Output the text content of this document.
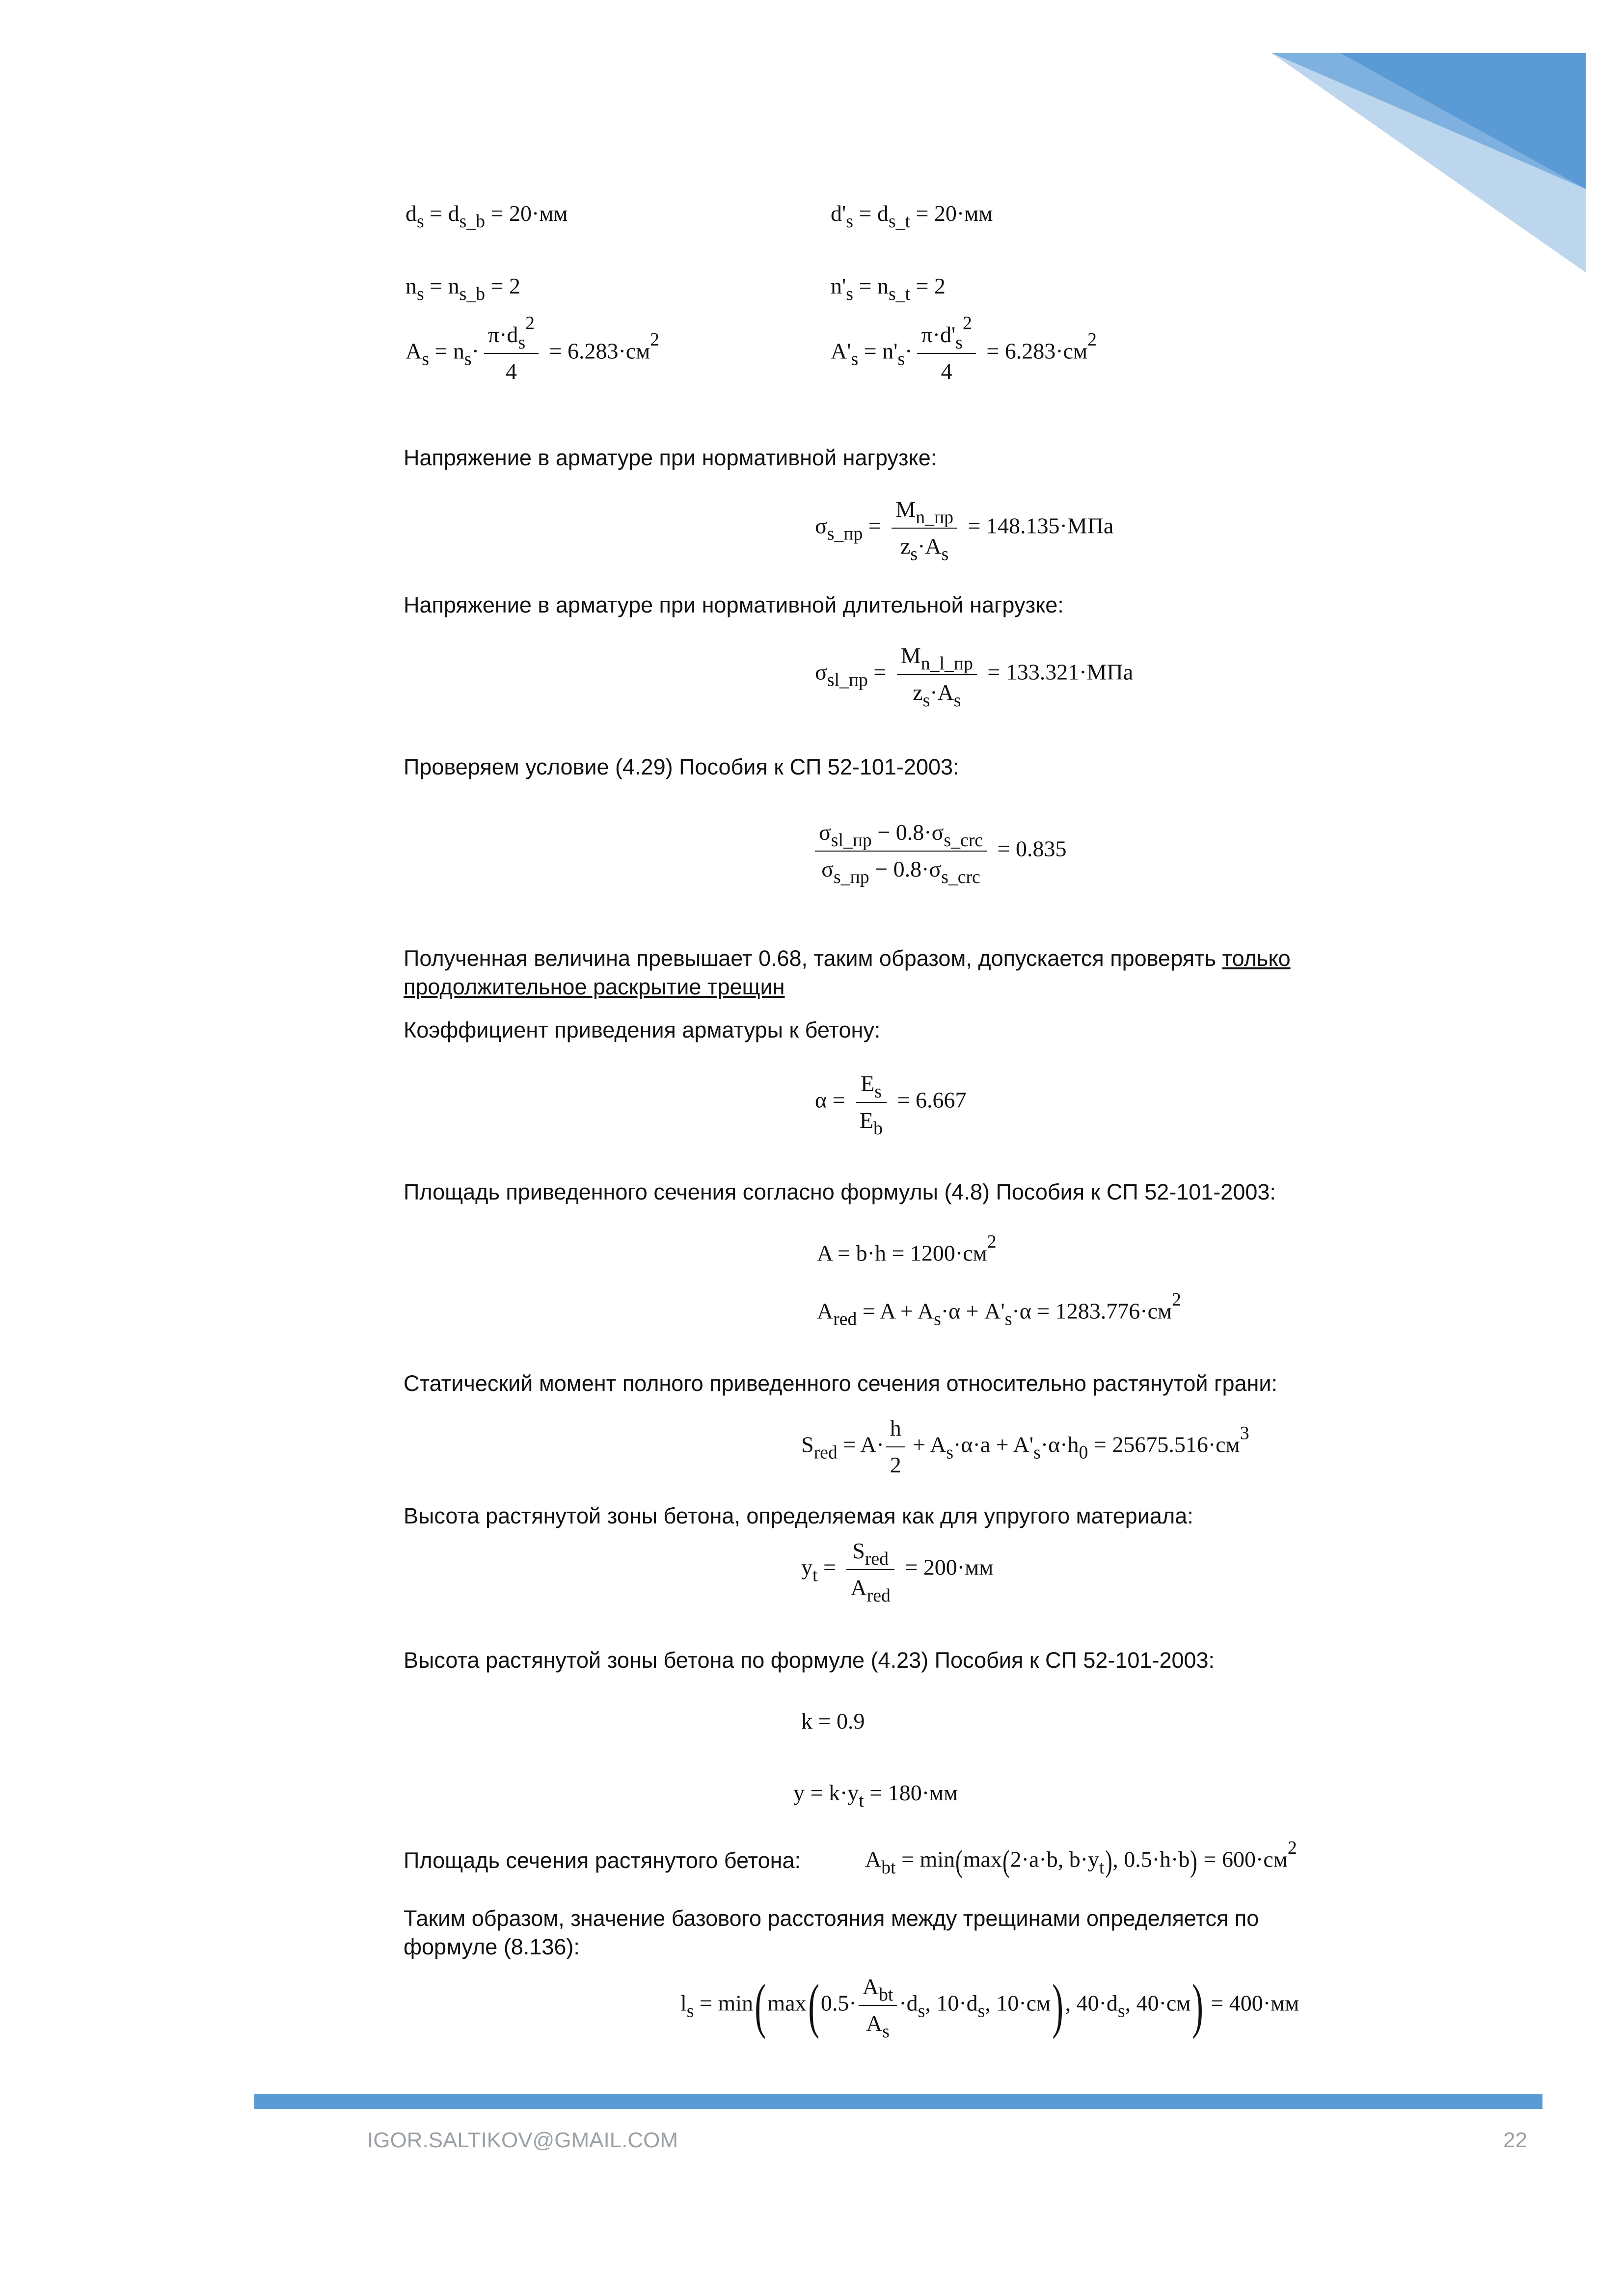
$d_s = d_{s\_b} = 20\cdot мм$	$d'_s = d_{s\_t} = 20\cdot мм$
$n_s = n_{s\_b} = 2$	$n'_s = n_{s\_t} = 2$
$A_s = n_s\cdot \frac{\pi\cdot d_s^2}{4} = 6.283\cdot см^2$	$A'_s = n'_s\cdot \frac{\pi\cdot d'_s^2}{4} = 6.283\cdot см^2$

Напряжение в арматуре при нормативной нагрузке:

$\sigma_{s\_пр} = \frac{M_{n\_пр}}{z_s\cdot A_s} = 148.135\cdot МПа$

Напряжение в арматуре при нормативной длительной нагрузке:

$\sigma_{sl\_пр} = \frac{M_{n\_l\_пр}}{z_s\cdot A_s} = 133.321\cdot МПа$

Проверяем условие (4.29) Пособия к СП 52-101-2003:

$\frac{\sigma_{sl\_пр} - 0.8\cdot\sigma_{s\_crc}}{\sigma_{s\_пр} - 0.8\cdot\sigma_{s\_crc}} = 0.835$

Полученная величина превышает 0.68, таким образом, допускается проверять только
продолжительное раскрытие трещин

Коэффициент приведения арматуры к бетону:

$\alpha = \frac{E_s}{E_b} = 6.667$

Площадь приведенного сечения согласно формулы (4.8) Пособия к СП 52-101-2003:

$A = b\cdot h = 1200\cdot см^2$
$A_{red} = A + A_s\cdot\alpha + A'_s\cdot\alpha = 1283.776\cdot см^2$

Статический момент полного приведенного сечения относительно растянутой грани:

$S_{red} = A\cdot \frac{h}{2} + A_s\cdot\alpha\cdot a + A'_s\cdot\alpha\cdot h_0 = 25675.516\cdot см^3$

Высота растянутой зоны бетона, определяемая как для упругого материала:

$y_t = \frac{S_{red}}{A_{red}} = 200\cdot мм$

Высота растянутой зоны бетона по формуле (4.23) Пособия к СП 52-101-2003:

k = 0.9
$y = k\cdot y_t = 180\cdot мм$

Площадь сечения растянутого бетона:	$A_{bt} = \min(\max(2\cdot a\cdot b$, $b\cdot y_t$), $0.5\cdot h\cdot b) = 600\cdot см^2$

Таким образом, значение базового расстояния между трещинами определяется по
формуле (8.136):

$l_s = \min(\max(0.5\cdot \frac{A_{bt}}{A_s} \cdot d_s$, $10\cdot d_s$, 10·см), $40\cdot d_s$, 40·см) = 400·мм

IGOR.SALTIKOV@GMAIL.COM	22
